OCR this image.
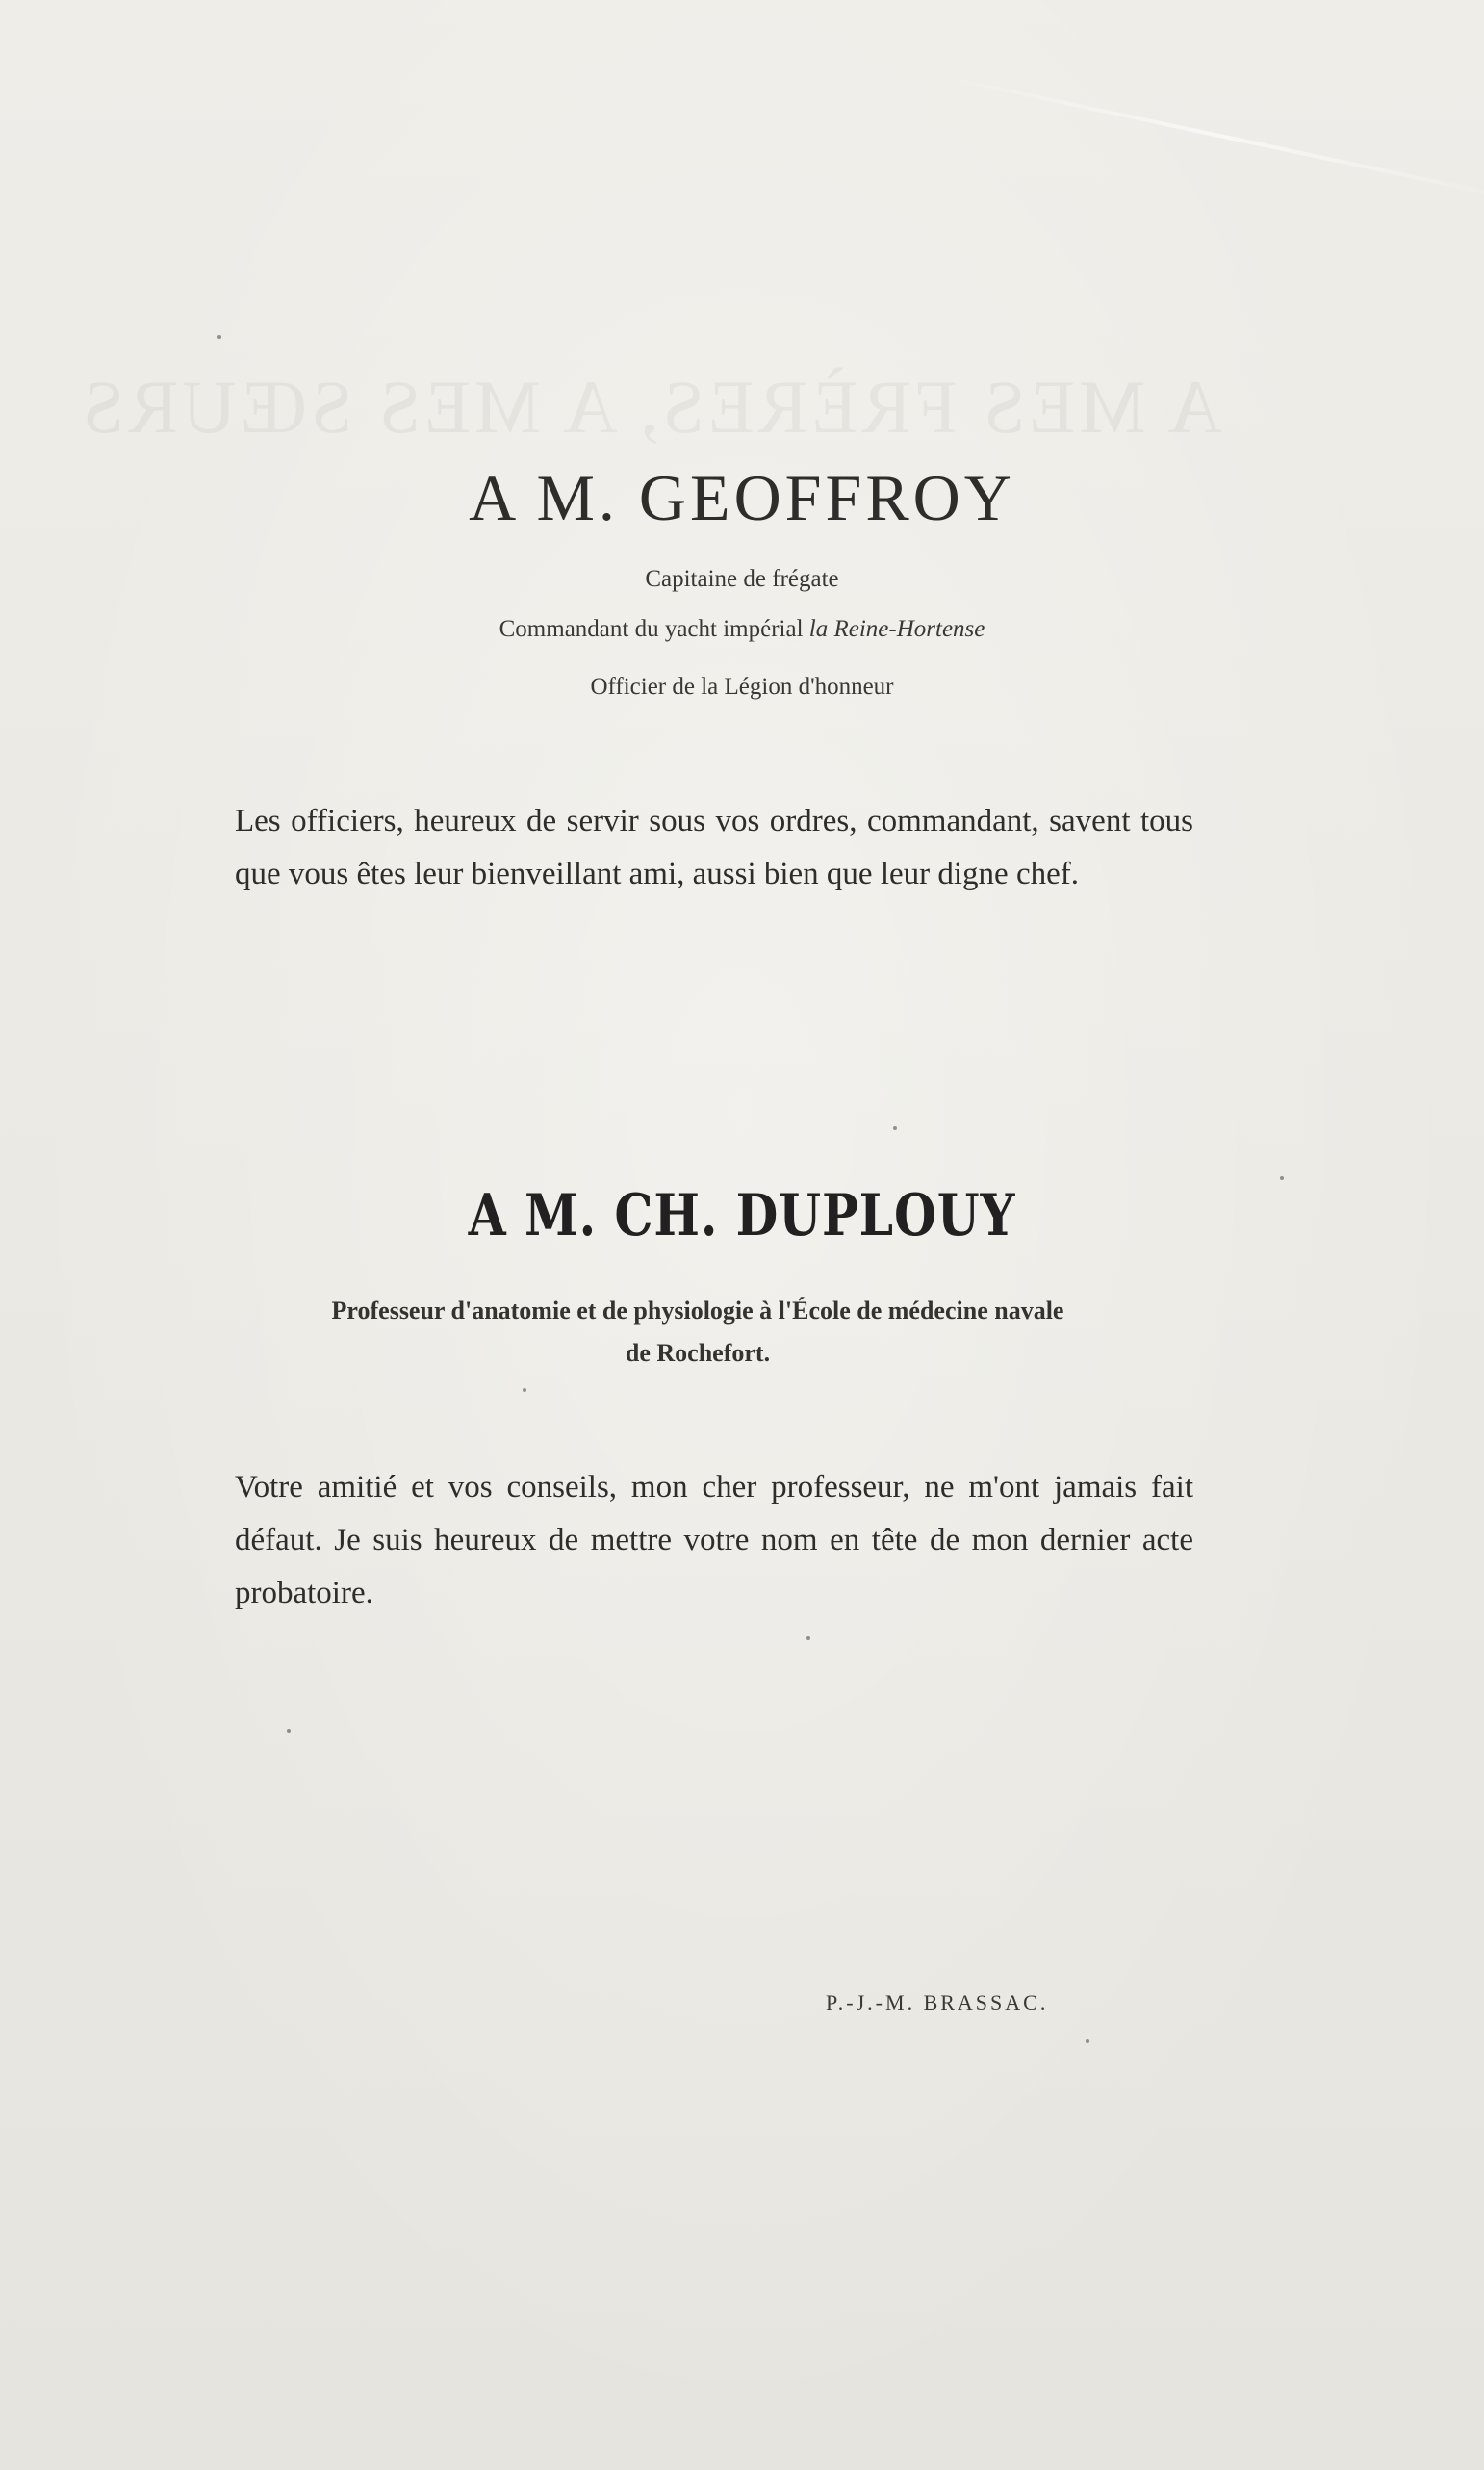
A MES FRÈRES, A MES SŒURS
A M. GEOFFROY
Capitaine de frégate
Commandant du yacht impérial la Reine-Hortense
Officier de la Légion d'honneur
Les officiers, heureux de servir sous vos ordres, commandant, savent tous que vous êtes leur bienveillant ami, aussi bien que leur digne chef.
A M. CH. DUPLOUY
Professeur d'anatomie et de physiologie à l'École de médecine navale
de Rochefort.
Votre amitié et vos conseils, mon cher professeur, ne m'ont jamais fait défaut. Je suis heureux de mettre votre nom en tête de mon dernier acte probatoire.
P.-J.-M. BRASSAC.
